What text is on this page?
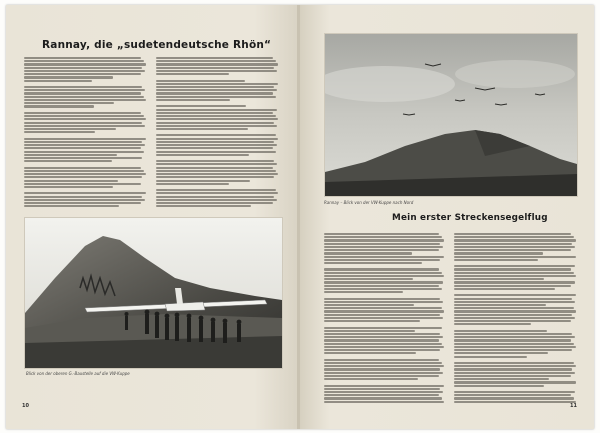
Rannay, die „sudetendeutsche Rhön“
Blick von der oberen G.-Baustelle auf die VW-Kuppe
10
Rannay – Blick von der VW-Kuppe nach Nord
Mein erster Streckensegelflug
11
